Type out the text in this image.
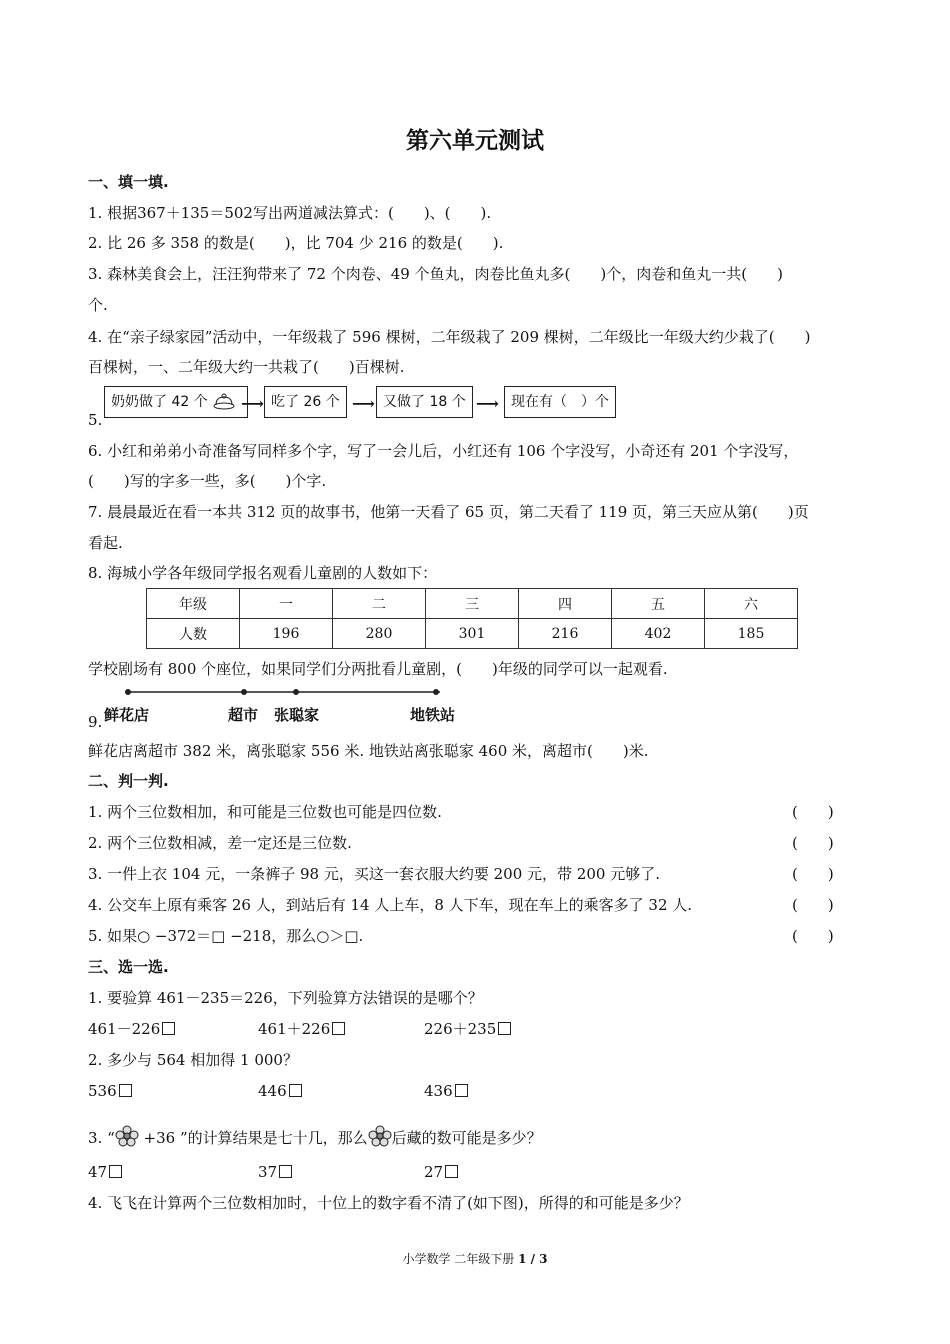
第六单元测试
一、填一填.
1. 根据367＋135＝502写出两道减法算式：(　　)、(　　).
2. 比 26 多 358 的数是(　　)，比 704 少 216 的数是(　　).
3. 森林美食会上，汪汪狗带来了 72 个肉卷、49 个鱼丸，肉卷比鱼丸多(　　)个，肉卷和鱼丸一共(　　)
个.
4. 在“亲子绿家园”活动中，一年级栽了 596 棵树，二年级栽了 209 棵树，二年级比一年级大约少栽了(　　)
百棵树，一、二年级大约一共栽了(　　)百棵树.
5.
奶奶做了 42 个	⟶ 吃了 26 个 ⟶ 又做了 18 个 ⟶ 现在有（　）个
6. 小红和弟弟小奇准备写同样多个字，写了一会儿后，小红还有 106 个字没写，小奇还有 201 个字没写，
(　　)写的字多一些，多(　　)个字.
7. 晨晨最近在看一本共 312 页的故事书，他第一天看了 65 页，第二天看了 119 页，第三天应从第(　　)页
看起.
8. 海城小学各年级同学报名观看儿童剧的人数如下：
年级	一	二	三	四	五	六
人数	196	280	301	216	402	185
学校剧场有 800 个座位，如果同学们分两批看儿童剧，(　　)年级的同学可以一起观看.
9. 鲜花店	超市 张聪家	地铁站
鲜花店离超市 382 米，离张聪家 556 米. 地铁站离张聪家 460 米，离超市(　　)米.
二、判一判.
1. 两个三位数相加，和可能是三位数也可能是四位数.	(　　)
2. 两个三位数相减，差一定还是三位数.	(　　)
3. 一件上衣 104 元，一条裤子 98 元，买这一套衣服大约要 200 元，带 200 元够了.	(　　)
4. 公交车上原有乘客 26 人，到站后有 14 人上车，8 人下车，现在车上的乘客多了 32 人.	(　　)
5. 如果○ −372＝□ −218，那么○＞□.	(　　)
三、选一选.
1. 要验算 461－235＝226，下列验算方法错误的是哪个？
461－226	461＋226	226＋235
2. 多少与 564 相加得 1 000？
536	446	436
3. “ +36 ”的计算结果是七十几，那么 后藏的数可能是多少？
47	37	27
4. 飞飞在计算两个三位数相加时，十位上的数字看不清了(如下图)，所得的和可能是多少？
小学数学 二年级下册 1 / 3
